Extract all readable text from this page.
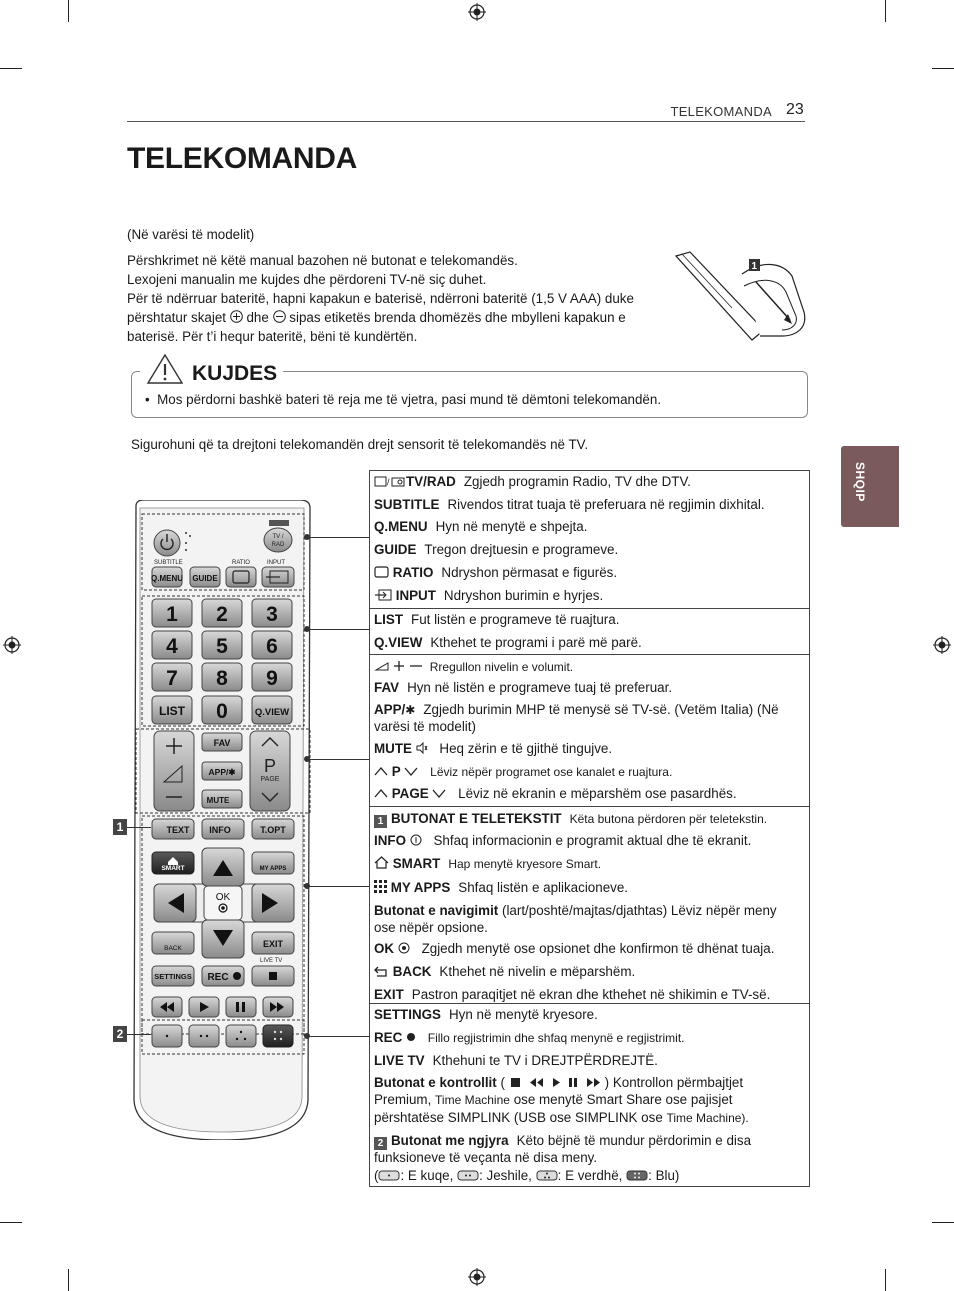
TELEKOMANDA 23
TELEKOMANDA
SHQIP
(Në varësi të modelit)
Përshkrimet në këtë manual bazohen në butonat e telekomandës.
Lexojeni manualin me kujdes dhe përdoreni TV-në siç duhet.
Për të ndërruar bateritë, hapni kapakun e baterisë, ndërroni bateritë (1,5 V AAA) duke
përshtatur skajet dhe sipas etiketës brenda dhomëzës dhe mbylleni kapakun e
baterisë. Për t’i hequr bateritë, bëni të kundërtën.
1
KUJDES
•  Mos përdorni bashkë bateri të reja me të vjetra, pasi mund të dëmtoni telekomandën.
Sigurohuni që ta drejtoni telekomandën drejt sensorit të telekomandës në TV.
TV /
RAD
SUBTITLE	RATIO	INPUT
Q.MENU GUIDE
1 2 3
4 5 6
7 8 9
0
LIST	Q.VIEW
P
PAGE
FAV
APP/✱
MUTE
TEXT INFO	T.OPT
SMART	MY APPS
OK
BACK	EXIT
SETTINGS REC
LIVE TV
1
2
/ TV/RAD Zgjedh programin Radio, TV dhe DTV.
SUBTITLE Rivendos titrat tuaja të preferuara në regjimin dixhital.
Q.MENU Hyn në menytë e shpejta.
GUIDE Tregon drejtuesin e programeve.
RATIO Ndryshon përmasat e figurës.
INPUT Ndryshon burimin e hyrjes.
LIST Fut listën e programeve të ruajtura.
Q.VIEW Kthehet te programi i parë më parë.
Rregullon nivelin e volumit.
FAV Hyn në listën e programeve tuaj të preferuar.
APP/✱ Zgjedh burimin MHP të menysë së TV-së. (Vetëm Italia) (Në
varësi të modelit)
MUTE Heq zërin e të gjithë tingujve.
P Lëviz nëpër programet ose kanalet e ruajtura.
PAGE Lëviz në ekranin e mëparshëm ose pasardhës.
1 BUTONAT E TELETEKSTIT Këta butona përdoren për teletekstin.
INFO Shfaq informacionin e programit aktual dhe të ekranit.
SMART Hap menytë kryesore Smart.
MY APPS Shfaq listën e aplikacioneve.
Butonat e navigimit (lart/poshtë/majtas/djathtas) Lëviz nëpër meny
ose nëpër opsione.
OK Zgjedh menytë ose opsionet dhe konfirmon të dhënat tuaja.
BACK Kthehet në nivelin e mëparshëm.
EXIT Pastron paraqitjet në ekran dhe kthehet në shikimin e TV-së.
SETTINGS Hyn në menytë kryesore.
REC Fillo regjistrimin dhe shfaq menynë e regjistrimit.
LIVE TV Kthehuni te TV i DREJTPËRDREJTË.
Butonat e kontrollit (	) Kontrollon përmbajtjet
Premium, Time Machine ose menytë Smart Share ose pajisjet
përshtatëse SIMPLINK (USB ose SIMPLINK ose Time Machine).
2 Butonat me ngjyra Këto bëjnë të mundur përdorimin e disa
funksioneve të veçanta në disa meny.
( : E kuqe, : Jeshile, : E verdhë, : Blu)
